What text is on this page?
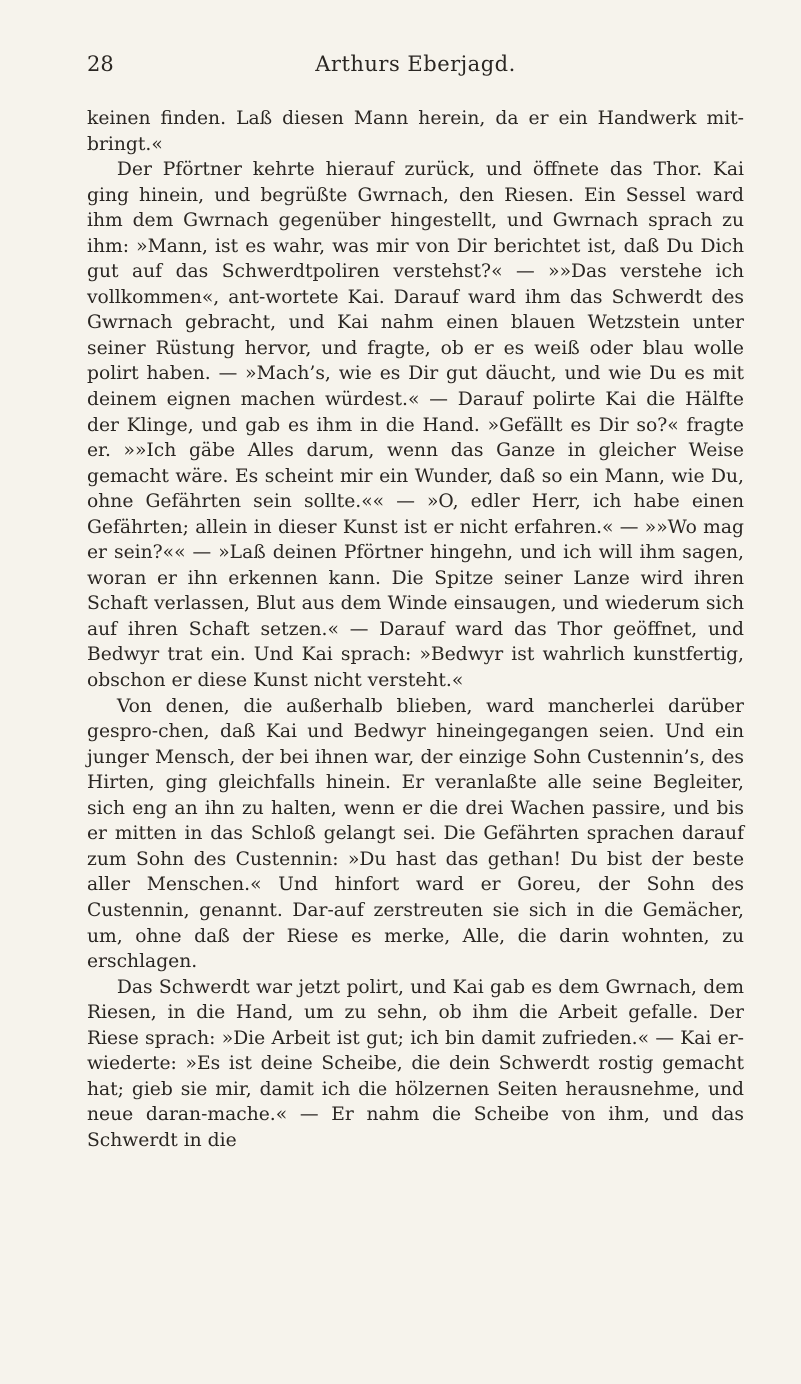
28	Arthurs Eberjagd.

keinen finden. Laß diesen Mann herein, da er ein Handwerk mit-bringt.«

Der Pförtner kehrte hierauf zurück, und öffnete das Thor. Kai ging hinein, und begrüßte Gwrnach, den Riesen. Ein Sessel ward ihm dem Gwrnach gegenüber hingestellt, und Gwrnach sprach zu ihm: »Mann, ist es wahr, was mir von Dir berichtet ist, daß Du Dich gut auf das Schwerdtpoliren verstehst?« — »»Das verstehe ich vollkommen«, ant-wortete Kai. Darauf ward ihm das Schwerdt des Gwrnach gebracht, und Kai nahm einen blauen Wetzstein unter seiner Rüstung hervor, und fragte, ob er es weiß oder blau wolle polirt haben. — »Mach’s, wie es Dir gut däucht, und wie Du es mit deinem eignen machen würdest.« — Darauf polirte Kai die Hälfte der Klinge, und gab es ihm in die Hand. »Gefällt es Dir so?« fragte er. »»Ich gäbe Alles darum, wenn das Ganze in gleicher Weise gemacht wäre. Es scheint mir ein Wunder, daß so ein Mann, wie Du, ohne Gefährten sein sollte.«« — »O, edler Herr, ich habe einen Gefährten; allein in dieser Kunst ist er nicht erfahren.« — »»Wo mag er sein?«« — »Laß deinen Pförtner hingehn, und ich will ihm sagen, woran er ihn erkennen kann. Die Spitze seiner Lanze wird ihren Schaft verlassen, Blut aus dem Winde einsaugen, und wiederum sich auf ihren Schaft setzen.« — Darauf ward das Thor geöffnet, und Bedwyr trat ein. Und Kai sprach: »Bedwyr ist wahrlich kunstfertig, obschon er diese Kunst nicht versteht.«

Von denen, die außerhalb blieben, ward mancherlei darüber gespro-chen, daß Kai und Bedwyr hineingegangen seien. Und ein junger Mensch, der bei ihnen war, der einzige Sohn Custennin’s, des Hirten, ging gleichfalls hinein. Er veranlaßte alle seine Begleiter, sich eng an ihn zu halten, wenn er die drei Wachen passire, und bis er mitten in das Schloß gelangt sei. Die Gefährten sprachen darauf zum Sohn des Custennin: »Du hast das gethan! Du bist der beste aller Menschen.« Und hinfort ward er Goreu, der Sohn des Custennin, genannt. Dar-auf zerstreuten sie sich in die Gemächer, um, ohne daß der Riese es merke, Alle, die darin wohnten, zu erschlagen.

Das Schwerdt war jetzt polirt, und Kai gab es dem Gwrnach, dem Riesen, in die Hand, um zu sehn, ob ihm die Arbeit gefalle. Der Riese sprach: »Die Arbeit ist gut; ich bin damit zufrieden.« — Kai er-wiederte: »Es ist deine Scheibe, die dein Schwerdt rostig gemacht hat; gieb sie mir, damit ich die hölzernen Seiten herausnehme, und neue daran-mache.« — Er nahm die Scheibe von ihm, und das Schwerdt in die
